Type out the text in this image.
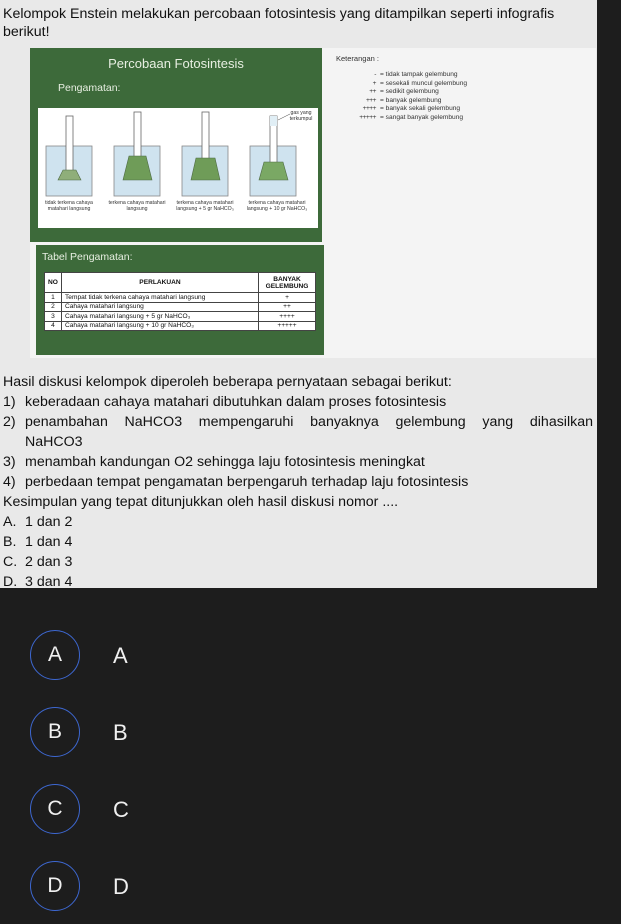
Kelompok Enstein melakukan percobaan fotosintesis yang ditampilkan seperti infografis berikut!
Percobaan Fotosintesis
Pengamatan:
gas yang terkumpul
tidak terkena cahaya matahari langsung
terkena cahaya matahari langsung
terkena cahaya matahari langsung + 5 gr NaHCO₃
terkena cahaya matahari langsung + 10 gr NaHCO₃
Keterangan :
- = tidak tampak gelembung
+ = sesekali muncul gelembung
++ = sedikit gelembung
+++ = banyak gelembung
++++ = banyak sekali gelembung
+++++ = sangat banyak gelembung
Tabel Pengamatan:
NO	PERLAKUAN	BANYAK GELEMBUNG
1	Tempat tidak terkena cahaya matahari langsung	+
2	Cahaya matahari langsung	++
3	Cahaya matahari langsung + 5 gr NaHCO₃	++++
4	Cahaya matahari langsung + 10 gr NaHCO₃	+++++

Hasil diskusi kelompok diperoleh beberapa pernyataan sebagai berikut:

1) keberadaan cahaya matahari dibutuhkan dalam proses fotosintesis
2) penambahan NaHCO3 mempengaruhi banyaknya gelembung yang dihasilkan
NaHCO3
3) menambah kandungan O2 sehingga laju fotosintesis meningkat
4) perbedaan tempat pengamatan berpengaruh terhadap laju fotosintesis

Kesimpulan yang tepat ditunjukkan oleh hasil diskusi nomor ....

A. 1 dan 2
B. 1 dan 4
C. 2 dan 3
D. 3 dan 4
A	A
B	B
C	C
D	D
